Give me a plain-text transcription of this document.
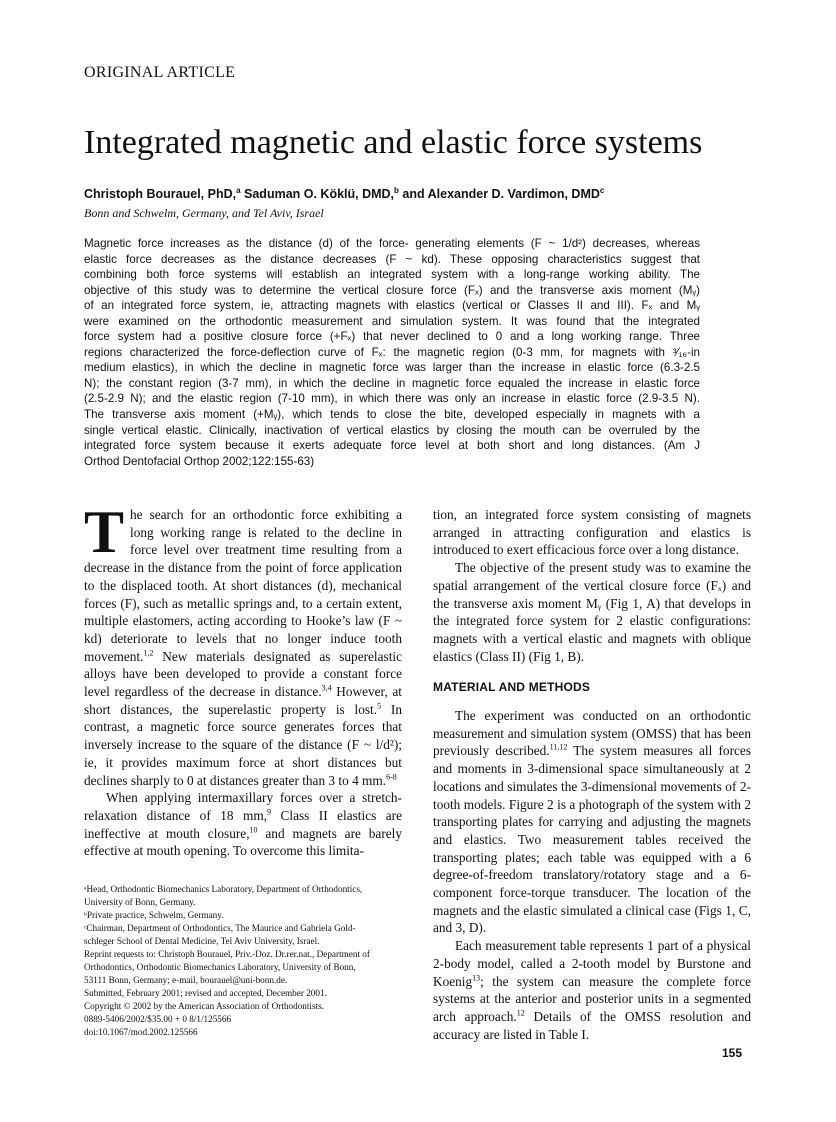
ORIGINAL ARTICLE
Integrated magnetic and elastic force systems
Christoph Bourauel, PhD,$^a$ Saduman O. Köklü, DMD,$^b$ and Alexander D. Vardimon, DMD$^c$
Bonn and Schwelm, Germany, and Tel Aviv, Israel
Magnetic force increases as the distance (d) of the force- generating elements (F ~ 1/d²) decreases, whereas
elastic force decreases as the distance decreases (F ~ kd). These opposing characteristics suggest that
combining both force systems will establish an integrated system with a long-range working ability. The
objective of this study was to determine the vertical closure force (Fₓ) and the transverse axis moment (Mᵧ)
of an integrated force system, ie, attracting magnets with elastics (vertical or Classes II and III). Fₓ and Mᵧ
were examined on the orthodontic measurement and simulation system. It was found that the integrated
force system had a positive closure force (+Fₓ) that never declined to 0 and a long working range. Three
regions characterized the force-deflection curve of Fₓ: the magnetic region (0-3 mm, for magnets with ³⁄₁₆-in
medium elastics), in which the decline in magnetic force was larger than the increase in elastic force (6.3-2.5
N); the constant region (3-7 mm), in which the decline in magnetic force equaled the increase in elastic force
(2.5-2.9 N); and the elastic region (7-10 mm), in which there was only an increase in elastic force (2.9-3.5 N).
The transverse axis moment (+Mᵧ), which tends to close the bite, developed especially in magnets with a
single vertical elastic. Clinically, inactivation of vertical elastics by closing the mouth can be overruled by the
integrated force system because it exerts adequate force level at both short and long distances. (Am J
Orthod Dentofacial Orthop 2002;122:155-63)

The search for an orthodontic force exhibiting a long working range is related to the decline in force level over treatment time resulting from a decrease in the distance from the point of force application to the displaced tooth. At short distances (d), mechanical forces (F), such as metallic springs and, to a certain extent, multiple elastomers, acting according to Hooke’s law (F ~ kd) deteriorate to levels that no longer induce tooth movement.$^{1,2}$ New materials designated as superelastic alloys have been developed to provide a constant force level regardless of the decrease in distance.$^{3,4}$ However, at short distances, the superelastic property is lost.$^5$ In contrast, a magnetic force source generates forces that inversely increase to the square of the distance (F ~ l/d²); ie, it provides maximum force at short distances but declines sharply to 0 at distances greater than 3 to 4 mm.$^{6-8}$

When applying intermaxillary forces over a stretch-relaxation distance of 18 mm,$^9$ Class II elastics are ineffective at mouth closure,$^{10}$ and magnets are barely effective at mouth opening. To overcome this limita-

ᵃHead, Orthodontic Biomechanics Laboratory, Department of Orthodontics,
University of Bonn, Germany.
ᵇPrivate practice, Schwelm, Germany.
ᶜChairman, Department of Orthodontics, The Maurice and Gabriela Gold-
schleger School of Dental Medicine, Tel Aviv University, Israel.
Reprint requests to: Christoph Bourauel, Priv.-Doz. Dr.rer.nat., Department of
Orthodontics, Orthodontic Biomechanics Laboratory, University of Bonn,
53111 Bonn, Germany; e-mail, bourauel@uni-bonn.de.
Submitted, February 2001; revised and accepted, December 2001.
Copyright © 2002 by the American Association of Orthodontists.
0889-5406/2002/$35.00 + 0 8/1/125566
doi:10.1067/mod.2002.125566

tion, an integrated force system consisting of magnets arranged in attracting configuration and elastics is introduced to exert efficacious force over a long distance.

The objective of the present study was to examine the spatial arrangement of the vertical closure force (Fₓ) and the transverse axis moment Mᵧ (Fig 1, A) that develops in the integrated force system for 2 elastic configurations: magnets with a vertical elastic and magnets with oblique elastics (Class II) (Fig 1, B).

MATERIAL AND METHODS

The experiment was conducted on an orthodontic measurement and simulation system (OMSS) that has been previously described.$^{11,12}$ The system measures all forces and moments in 3-dimensional space simultaneously at 2 locations and simulates the 3-dimensional movements of 2-tooth models. Figure 2 is a photograph of the system with 2 transporting plates for carrying and adjusting the magnets and elastics. Two measurement tables received the transporting plates; each table was equipped with a 6 degree-of-freedom translatory/rotatory stage and a 6-component force-torque transducer. The location of the magnets and the elastic simulated a clinical case (Figs 1, C, and 3, D).

Each measurement table represents 1 part of a physical 2-body model, called a 2-tooth model by Burstone and Koenig$^{13}$; the system can measure the complete force systems at the anterior and posterior units in a segmented arch approach.$^{12}$ Details of the OMSS resolution and accuracy are listed in Table I.

155
